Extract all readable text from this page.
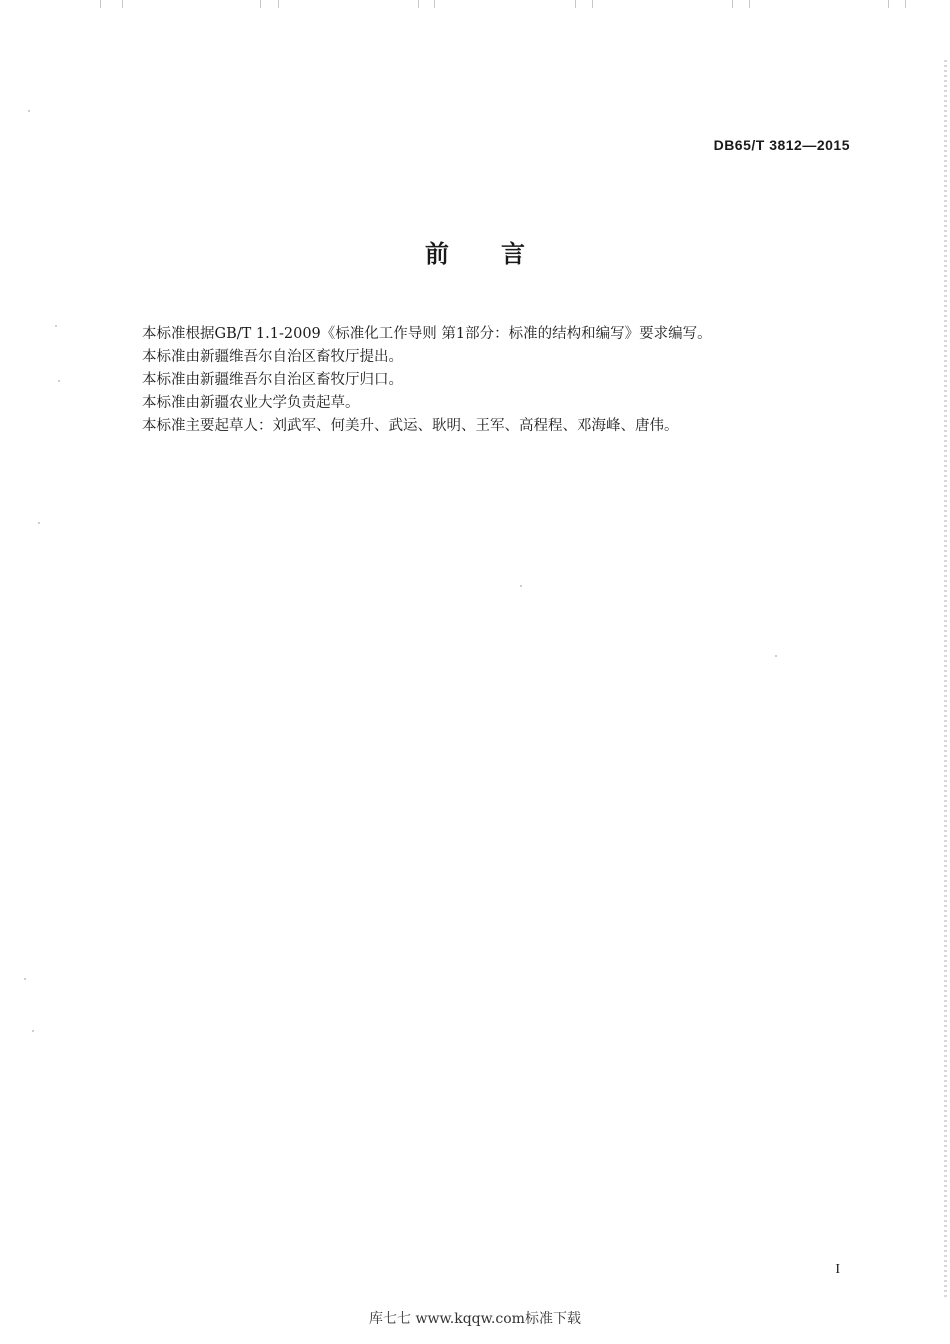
DB65/T 3812—2015
前言

本标准根据GB/T 1.1-2009《标准化工作导则 第1部分：标准的结构和编写》要求编写。

本标准由新疆维吾尔自治区畜牧厅提出。

本标准由新疆维吾尔自治区畜牧厅归口。

本标准由新疆农业大学负责起草。

本标准主要起草人：刘武军、何美升、武运、耿明、王军、高程程、邓海峰、唐伟。

I
库七七 www.kqqw.com标准下载
